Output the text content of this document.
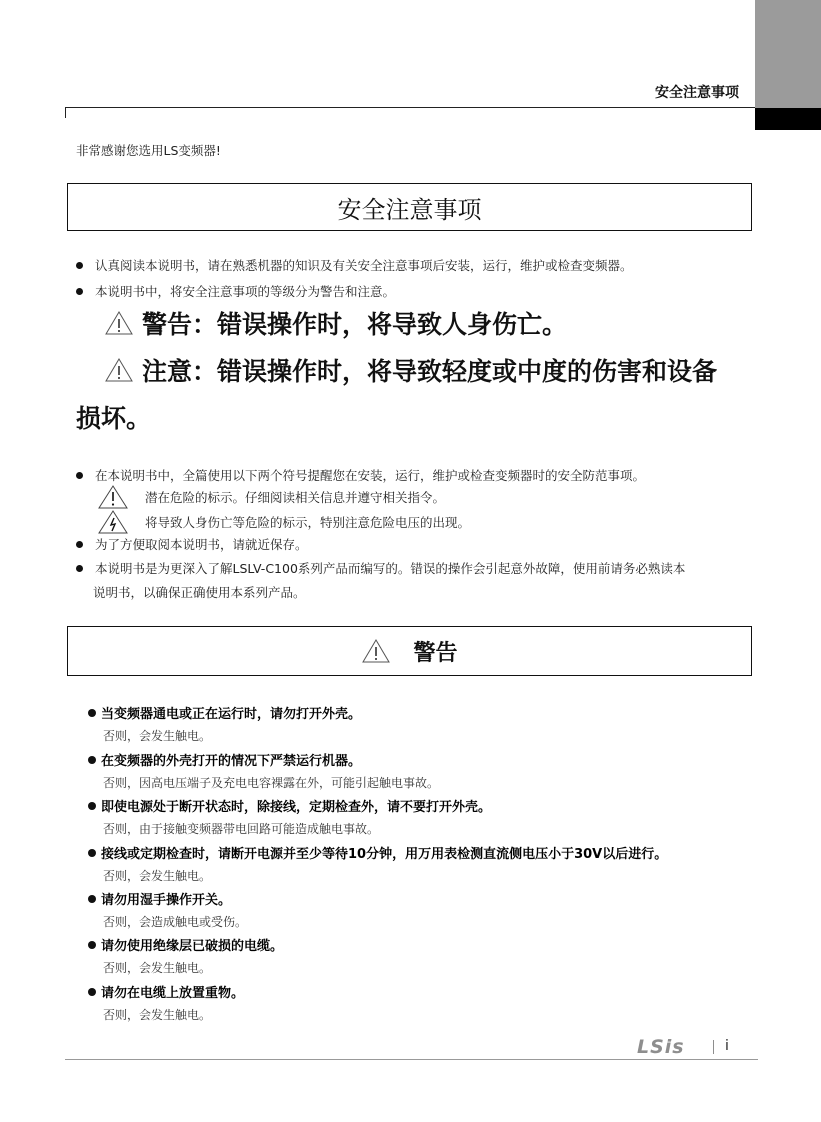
安全注意事项
非常感谢您选用LS变频器!
安全注意事项
认真阅读本说明书，请在熟悉机器的知识及有关安全注意事项后安装，运行，维护或检查变频器。
本说明书中，将安全注意事项的等级分为警告和注意。
警告：错误操作时，将导致人身伤亡。
注意：错误操作时，将导致轻度或中度的伤害和设备
损坏。
在本说明书中，全篇使用以下两个符号提醒您在安装，运行，维护或检查变频器时的安全防范事项。
潜在危险的标示。仔细阅读相关信息并遵守相关指令。
将导致人身伤亡等危险的标示，特别注意危险电压的出现。
为了方便取阅本说明书，请就近保存。
本说明书是为更深入了解LSLV-C100系列产品而编写的。错误的操作会引起意外故障，使用前请务必熟读本
说明书，以确保正确使用本系列产品。
警告
当变频器通电或正在运行时，请勿打开外壳。
否则，会发生触电。
在变频器的外壳打开的情况下严禁运行机器。
否则，因高电压端子及充电电容裸露在外，可能引起触电事故。
即使电源处于断开状态时，除接线，定期检查外，请不要打开外壳。
否则，由于接触变频器带电回路可能造成触电事故。
接线或定期检查时，请断开电源并至少等待10分钟，用万用表检测直流侧电压小于30V以后进行。
否则，会发生触电。
请勿用湿手操作开关。
否则，会造成触电或受伤。
请勿使用绝缘层已破损的电缆。
否则，会发生触电。
请勿在电缆上放置重物。
否则，会发生触电。
LSis	i
